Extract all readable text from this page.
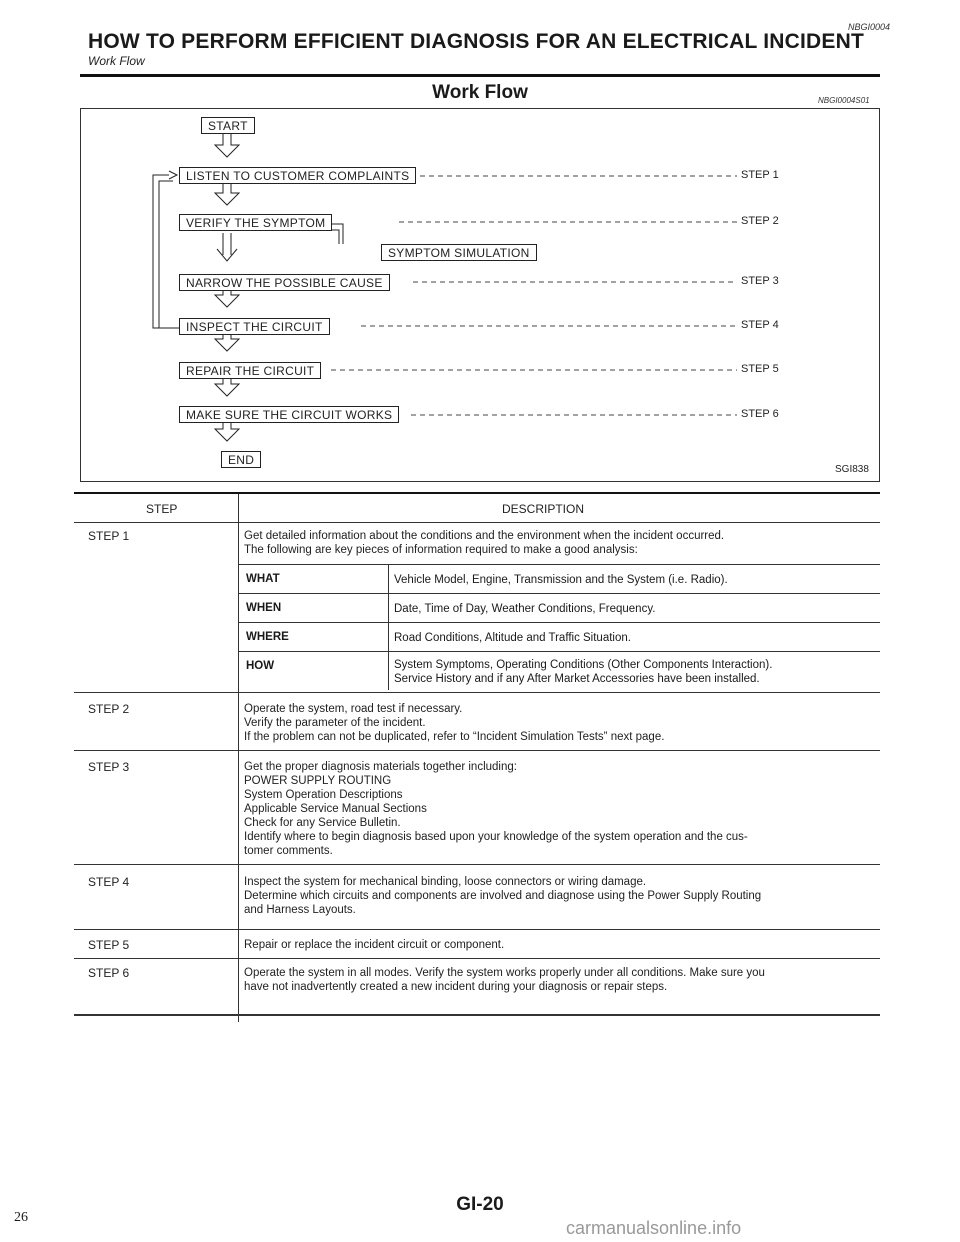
NBGI0004
HOW TO PERFORM EFFICIENT DIAGNOSIS FOR AN ELECTRICAL INCIDENT
Work Flow
Work Flow	NBGI0004S01
START
LISTEN TO CUSTOMER COMPLAINTS
VERIFY THE SYMPTOM
SYMPTOM SIMULATION
NARROW THE POSSIBLE CAUSE
INSPECT THE CIRCUIT
REPAIR THE CIRCUIT
MAKE SURE THE CIRCUIT WORKS
END
STEP 1
STEP 2
STEP 3
STEP 4
STEP 5
STEP 6
SGI838
STEP	DESCRIPTION
STEP 1	Get detailed information about the conditions and the environment when the incident occurred.
The following are key pieces of information required to make a good analysis:
WHAT	Vehicle Model, Engine, Transmission and the System (i.e. Radio).
WHEN	Date, Time of Day, Weather Conditions, Frequency.
WHERE	Road Conditions, Altitude and Traffic Situation.
HOW	System Symptoms, Operating Conditions (Other Components Interaction).
Service History and if any After Market Accessories have been installed.
STEP 2	Operate the system, road test if necessary.
Verify the parameter of the incident.
If the problem can not be duplicated, refer to “Incident Simulation Tests” next page.
STEP 3	Get the proper diagnosis materials together including:
POWER SUPPLY ROUTING
System Operation Descriptions
Applicable Service Manual Sections
Check for any Service Bulletin.
Identify where to begin diagnosis based upon your knowledge of the system operation and the cus-
tomer comments.
STEP 4	Inspect the system for mechanical binding, loose connectors or wiring damage.
Determine which circuits and components are involved and diagnose using the Power Supply Routing
and Harness Layouts.
STEP 5	Repair or replace the incident circuit or component.
STEP 6	Operate the system in all modes. Verify the system works properly under all conditions. Make sure you
have not inadvertently created a new incident during your diagnosis or repair steps.
GI-20
26
carmanualsonline.info
